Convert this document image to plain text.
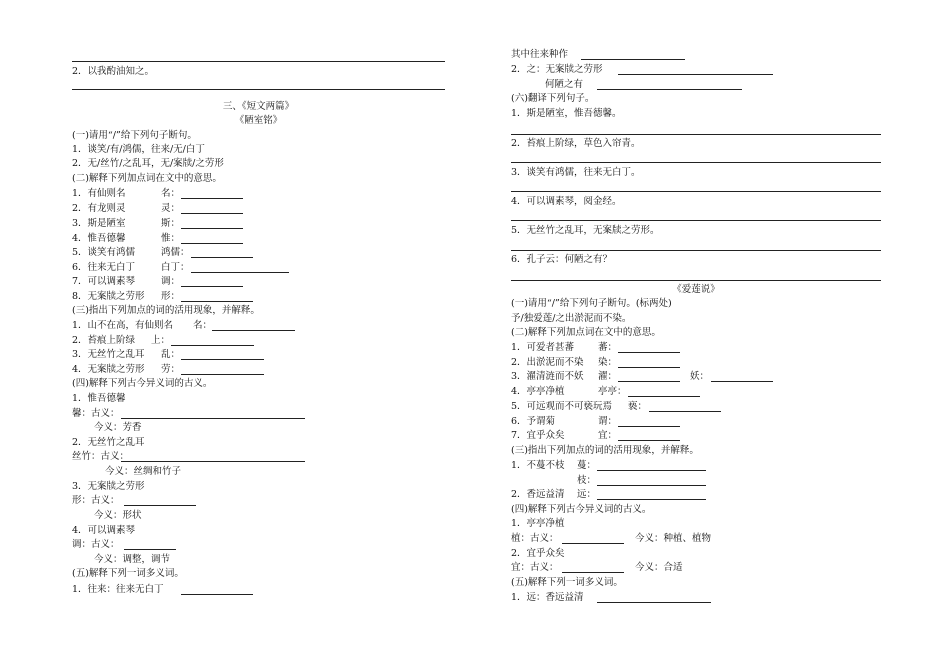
2．以我酌油知之。
三、《短文两篇》
《陋室铭》
(一)请用“/”给下列句子断句。
1．谈笑/有/鸿儒，往来/无/白丁
2．无/丝竹/之乱耳，无/案牍/之劳形
(二)解释下列加点词在文中的意思。
1．有仙则名	名：
2．有龙则灵	灵：
3．斯是陋室	斯：
4．惟吾德馨	惟：
5．谈笑有鸿儒	鸿儒：
6．往来无白丁	白丁：
7．可以调素琴	调：
8．无案牍之劳形 形：
(三)指出下列加点的词的活用现象，并解释。
1．山不在高，有仙则名 名：
2．苔痕上阶绿 上：
3．无丝竹之乱耳 乱：
4．无案牍之劳形 劳：
(四)解释下列古今异义词的古义。
1．惟吾德馨
馨：古义：
今义：芳香
2．无丝竹之乱耳
丝竹：古义：
今义：丝绸和竹子
3．无案牍之劳形
形：古义：
今义：形状
4．可以调素琴
调：古义：
今义：调整，调节
(五)解释下列一词多义词。
1．往来：往来无白丁
其中往来种作
2．之：无案牍之劳形
何陋之有
(六)翻译下列句子。
1．斯是陋室，惟吾德馨。
2．苔痕上阶绿，草色入帘青。
3．谈笑有鸿儒，往来无白丁。
4．可以调素琴，阅金经。
5．无丝竹之乱耳，无案牍之劳形。
6．孔子云：何陋之有？
《爱莲说》
(一)请用“/”给下列句子断句。(标两处)
予/独爱莲/之出淤泥而不染。
(二)解释下列加点词在文中的意思。
1．可爱者甚蕃	蕃：
2．出淤泥而不染 染：
3．濯清涟而不妖 濯：	妖：
4．亭亭净植	亭亭：
5．可远观而不可亵玩焉 亵：
6．予谓菊	谓：
7．宜乎众矣	宜：
(三)指出下列加点的词的活用现象，并解释。
1．不蔓不枝 蔓：
枝：
2．香远益清 远：
(四)解释下列古今异义词的古义。
1．亭亭净植
植：古义：	今义：种植、植物
2．宜乎众矣
宜：古义：	今义：合适
(五)解释下列一词多义词。
1．远：香远益清
